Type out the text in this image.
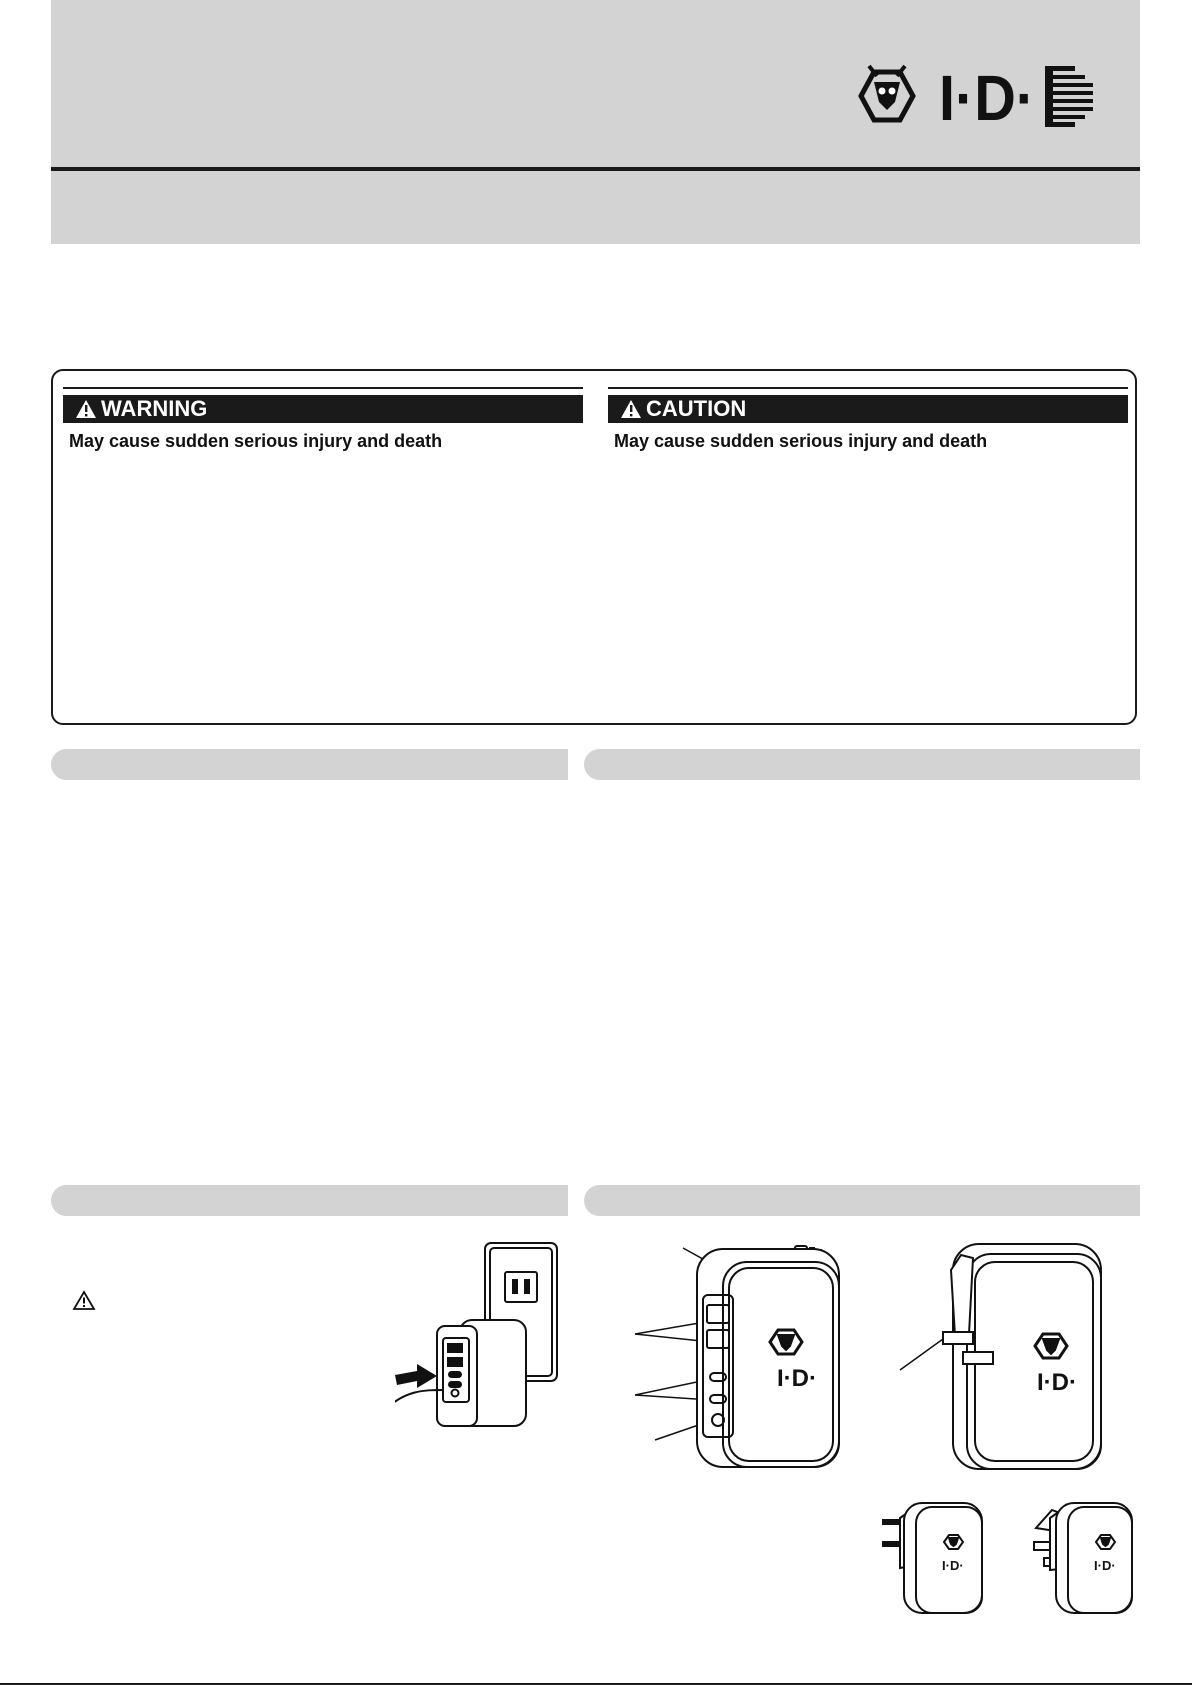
I·D·
WARNING
May cause sudden serious injury and death
CAUTION
May cause sudden serious injury and death
I·D·	I·D·
I·D·	I·D·
